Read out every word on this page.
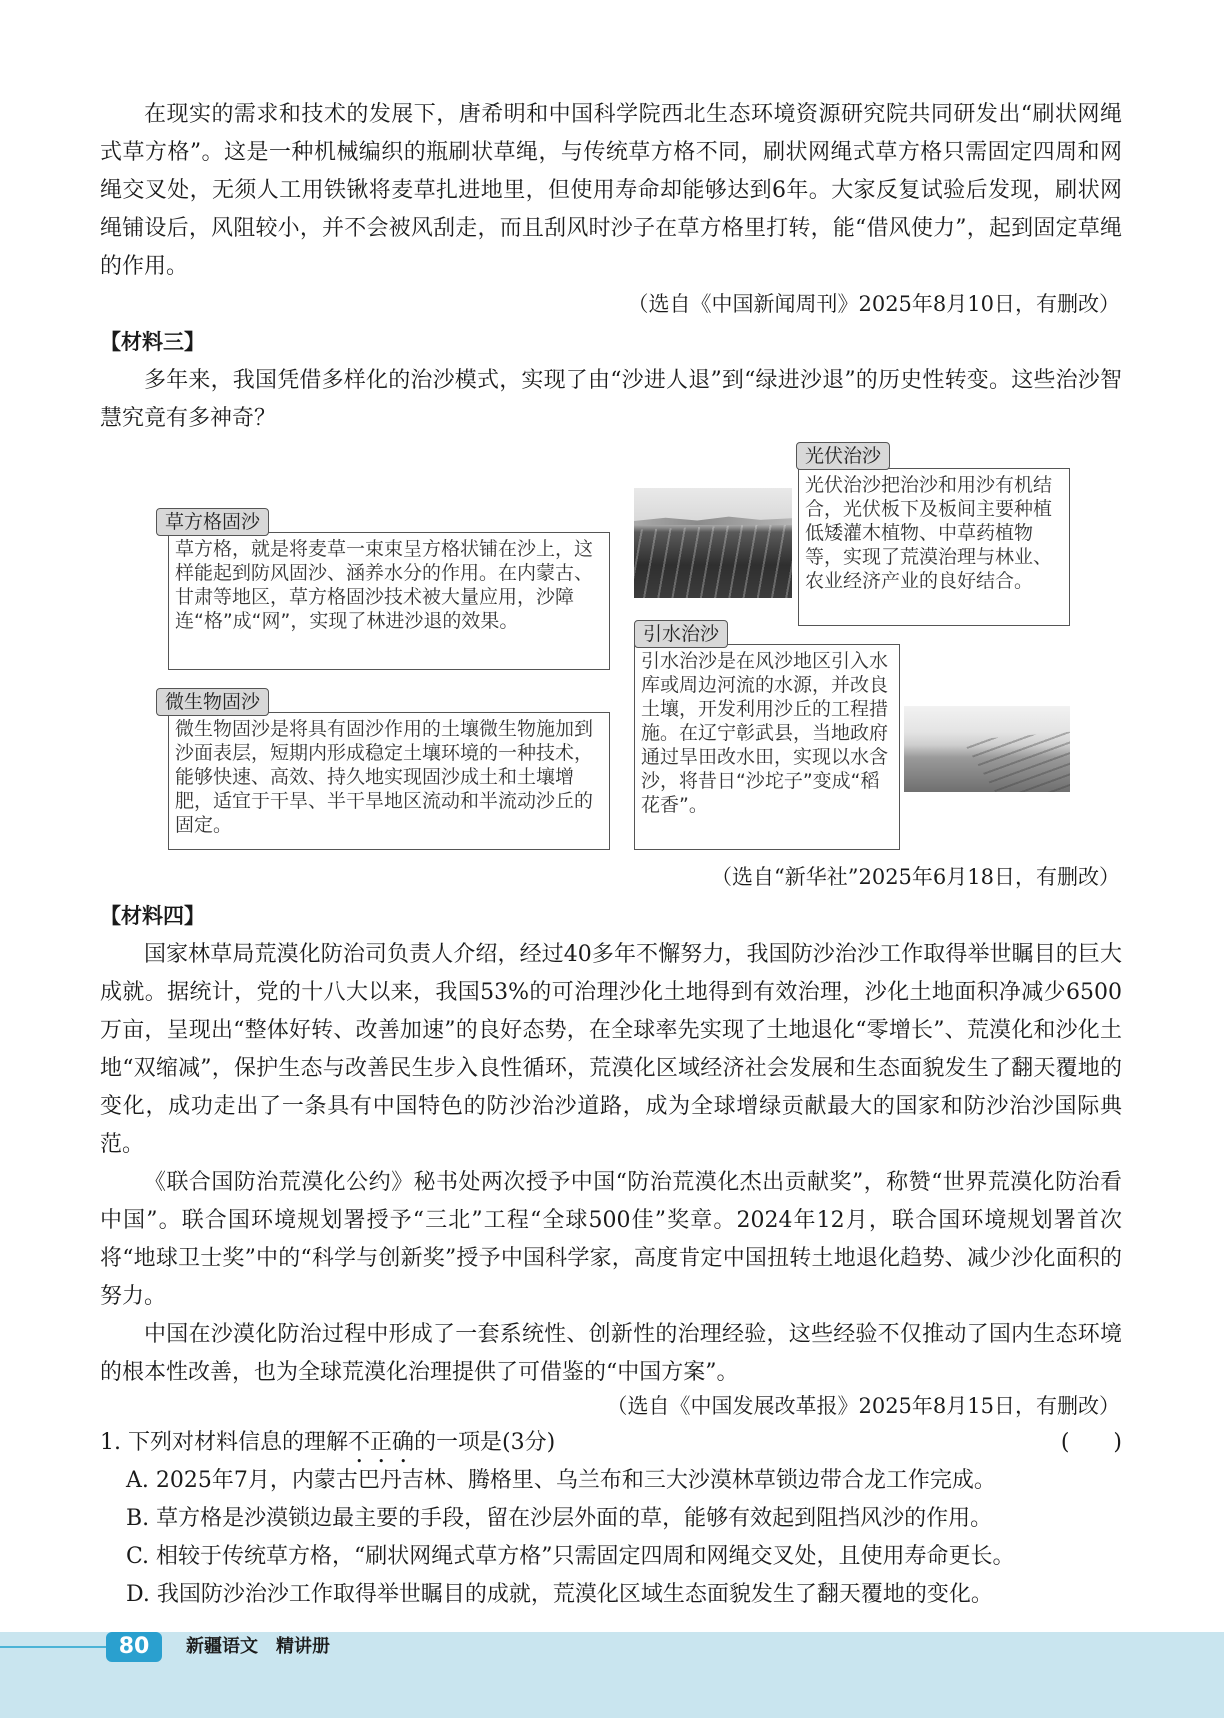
在现实的需求和技术的发展下，唐希明和中国科学院西北生态环境资源研究院共同研发出“刷状网绳式草方格”。这是一种机械编织的瓶刷状草绳，与传统草方格不同，刷状网绳式草方格只需固定四周和网绳交叉处，无须人工用铁锹将麦草扎进地里，但使用寿命却能够达到6年。大家反复试验后发现，刷状网绳铺设后，风阻较小，并不会被风刮走，而且刮风时沙子在草方格里打转，能“借风使力”，起到固定草绳的作用。

（选自《中国新闻周刊》2025年8月10日，有删改）
【材料三】

多年来，我国凭借多样化的治沙模式，实现了由“沙进人退”到“绿进沙退”的历史性转变。这些治沙智慧究竟有多神奇？

草方格，就是将麦草一束束呈方格状铺在沙上，这样能起到防风固沙、涵养水分的作用。在内蒙古、甘肃等地区，草方格固沙技术被大量应用，沙障连“格”成“网”，实现了林进沙退的效果。
草方格固沙
微生物固沙是将具有固沙作用的土壤微生物施加到沙面表层，短期内形成稳定土壤环境的一种技术，能够快速、高效、持久地实现固沙成土和土壤增肥，适宜于干旱、半干旱地区流动和半流动沙丘的固定。
微生物固沙
光伏治沙把治沙和用沙有机结合，光伏板下及板间主要种植低矮灌木植物、中草药植物等，实现了荒漠治理与林业、农业经济产业的良好结合。
光伏治沙
引水治沙是在风沙地区引入水库或周边河流的水源，并改良土壤，开发利用沙丘的工程措施。在辽宁彰武县，当地政府通过旱田改水田，实现以水含沙，将昔日“沙坨子”变成“稻花香”。
引水治沙
（选自“新华社”2025年6月18日，有删改）
【材料四】

国家林草局荒漠化防治司负责人介绍，经过40多年不懈努力，我国防沙治沙工作取得举世瞩目的巨大成就。据统计，党的十八大以来，我国53%的可治理沙化土地得到有效治理，沙化土地面积净减少6500万亩，呈现出“整体好转、改善加速”的良好态势，在全球率先实现了土地退化“零增长”、荒漠化和沙化土地“双缩减”，保护生态与改善民生步入良性循环，荒漠化区域经济社会发展和生态面貌发生了翻天覆地的变化，成功走出了一条具有中国特色的防沙治沙道路，成为全球增绿贡献最大的国家和防沙治沙国际典范。

《联合国防治荒漠化公约》秘书处两次授予中国“防治荒漠化杰出贡献奖”，称赞“世界荒漠化防治看中国”。联合国环境规划署授予“三北”工程“全球500佳”奖章。2024年12月，联合国环境规划署首次将“地球卫士奖”中的“科学与创新奖”授予中国科学家，高度肯定中国扭转土地退化趋势、减少沙化面积的努力。

中国在沙漠化防治过程中形成了一套系统性、创新性的治理经验，这些经验不仅推动了国内生态环境的根本性改善，也为全球荒漠化治理提供了可借鉴的“中国方案”。

（选自《中国发展改革报》2025年8月15日，有删改）
1. 下列对材料信息的理解不正确的一项是(3分)	(　　)
A. 2025年7月，内蒙古巴丹吉林、腾格里、乌兰布和三大沙漠林草锁边带合龙工作完成。
B. 草方格是沙漠锁边最主要的手段，留在沙层外面的草，能够有效起到阻挡风沙的作用。
C. 相较于传统草方格，“刷状网绳式草方格”只需固定四周和网绳交叉处，且使用寿命更长。
D. 我国防沙治沙工作取得举世瞩目的成就，荒漠化区域生态面貌发生了翻天覆地的变化。
80	新疆语文　精讲册
